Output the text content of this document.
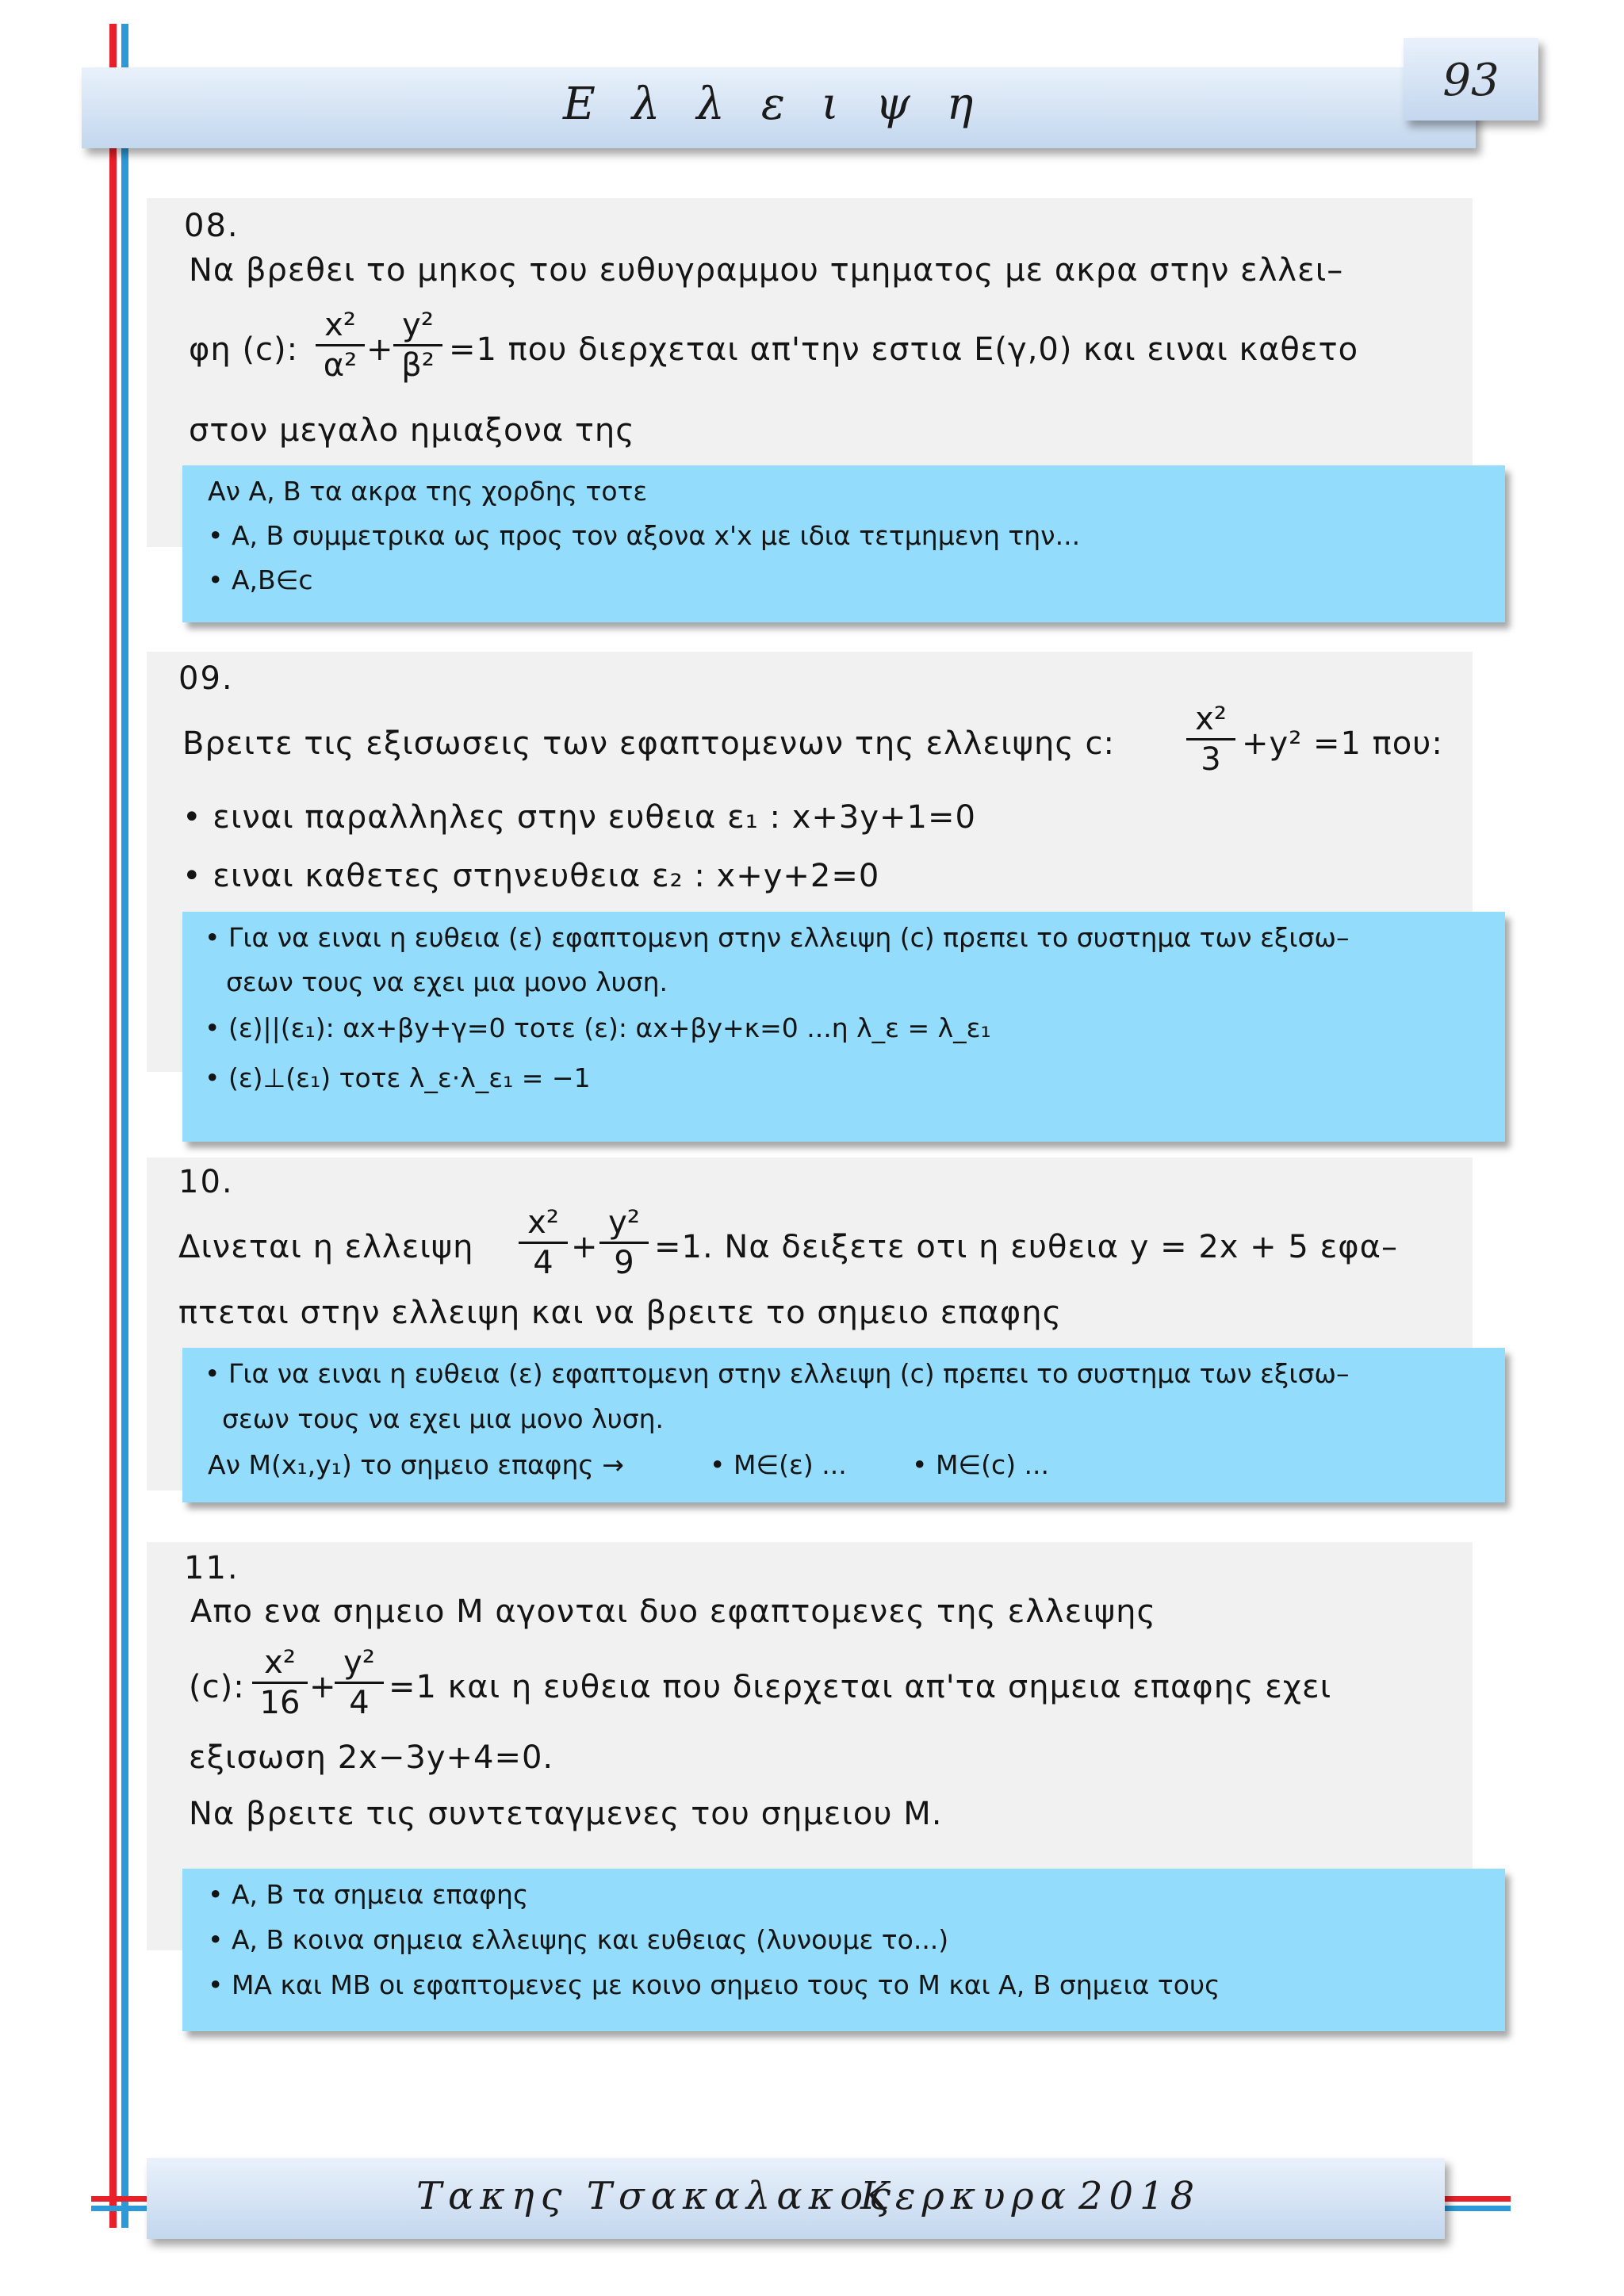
Ελλειψη	93
08.
Να βρεθει το μηκος του ευθυγραμμου τμηματος με ακρα στην ελλει–
φη (c):
x²
α² +
y²
β² =1 που διερχεται απ'την εστια Ε(γ,0) και ειναι καθετο
στον μεγαλο ημιαξονα της
Αν Α, Β τα ακρα της χορδης τοτε
• Α, Β συμμετρικα ως προς τον αξονα x'x με ιδια τετμημενη την...
• Α,Β∈c
09.
Βρειτε τις εξισωσεις των εφαπτομενων της ελλειψης c:
x²
3 +y² =1 που:
• ειναι παραλληλες στην ευθεια ε₁ : x+3y+1=0
• ειναι καθετες στηνευθεια ε₂ : x+y+2=0
• Για να ειναι η ευθεια (ε) εφαπτομενη στην ελλειψη (c) πρεπει το συστημα των εξισω–
σεων τους να εχει μια μονο λυση.
• (ε)||(ε₁): αx+βy+γ=0 τοτε (ε): αx+βy+κ=0 ...η λ_ε = λ_ε₁
• (ε)⊥(ε₁) τοτε λ_ε·λ_ε₁ = −1
10.
Δινεται η ελλειψη
x²
4 +
y²
9 =1. Να δειξετε οτι η ευθεια y = 2x + 5 εφα–
πτεται στην ελλειψη και να βρειτε το σημειο επαφης
• Για να ειναι η ευθεια (ε) εφαπτομενη στην ελλειψη (c) πρεπει το συστημα των εξισω–
σεων τους να εχει μια μονο λυση.
Αν Μ(x₁,y₁) το σημειο επαφης →	• Μ∈(ε) ... • Μ∈(c) ...
11.
Απο ενα σημειο Μ αγονται δυο εφαπτομενες της ελλειψης
(c):
x²
16 +
y²
4 =1 και η ευθεια που διερχεται απ'τα σημεια επαφης εχει
εξισωση 2x−3y+4=0.
Να βρειτε τις συντεταγμενες του σημειου Μ.
• Α, Β τα σημεια επαφης
• Α, Β κοινα σημεια ελλειψης και ευθειας (λυνουμε το...)
• ΜΑ και ΜΒ οι εφαπτομενες με κοινο σημειο τους το Μ και Α, Β σημεια τους
Τακης Τσακαλακος
Κερκυρα 2018
